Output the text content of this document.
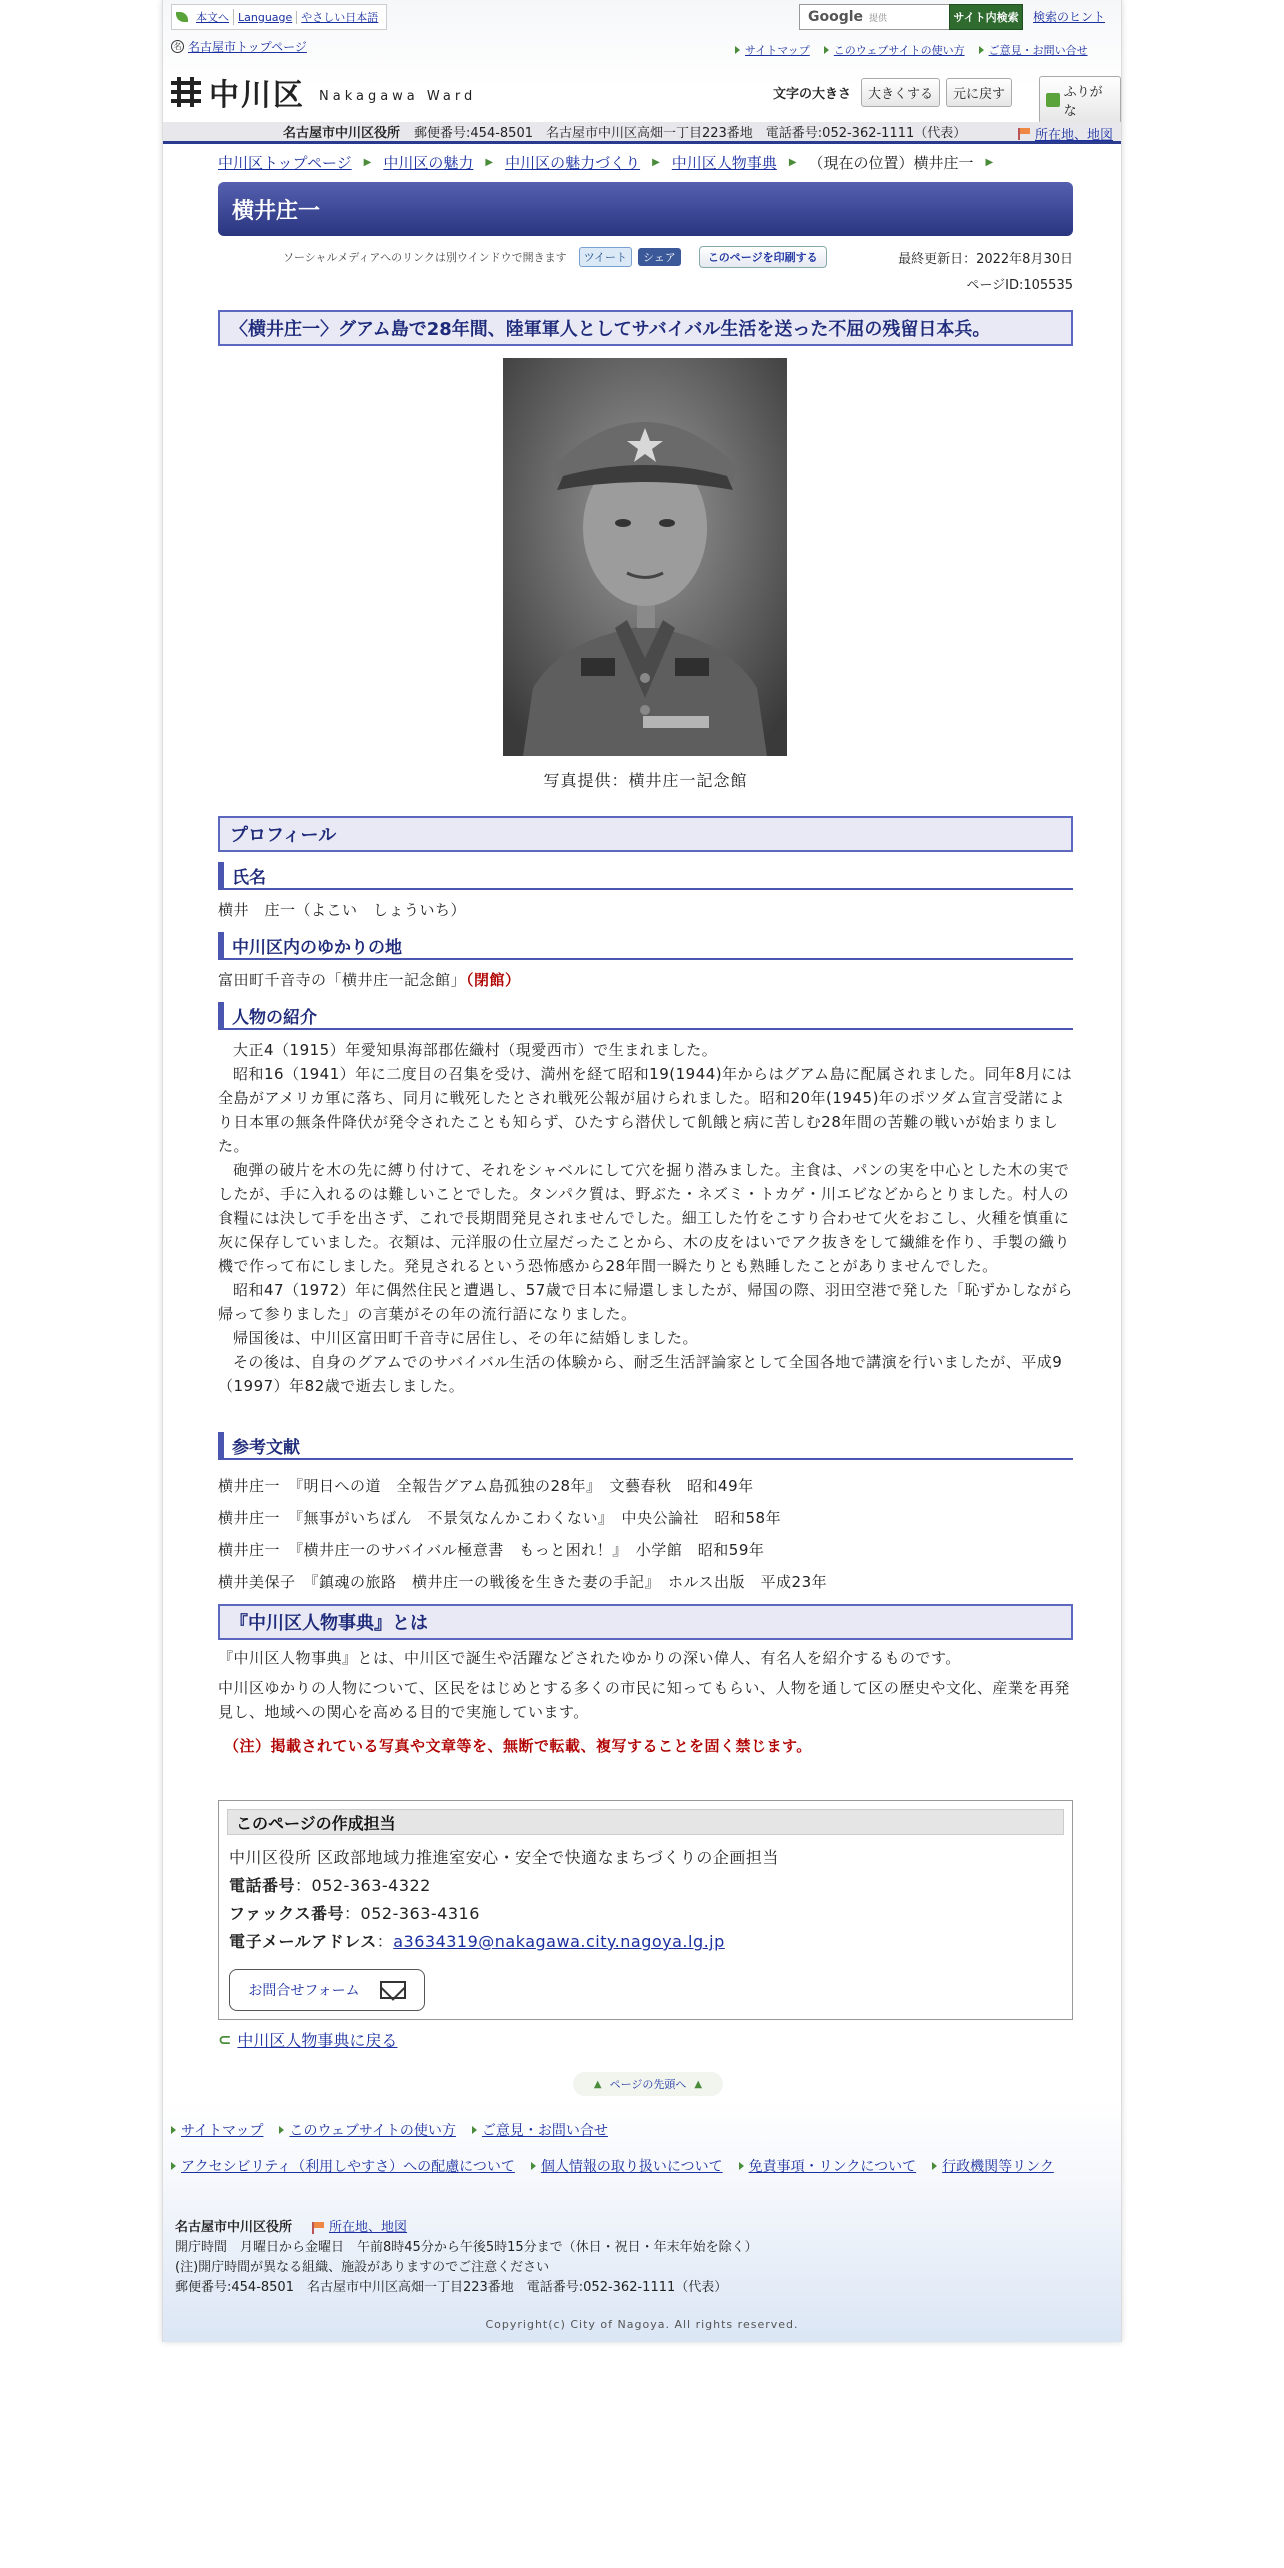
本文へ Language やさしい日本語
名 名古屋市トップページ
中川区 Nakagawa Ward
Google 提供	サイト内検索	検索のヒント
サイトマップ このウェブサイトの使い方 ご意見・お問い合せ
文字の大きさ	大きくする	元に戻す	ふりがな
名古屋市中川区役所 郵便番号:454-8501　名古屋市中川区高畑一丁目223番地　電話番号:052-362-1111（代表）	所在地、地図
中川区トップページ ▶ 中川区の魅力 ▶ 中川区の魅力づくり ▶ 中川区人物事典 ▶ （現在の位置）横井庄一 ▶
横井庄一
ソーシャルメディアへのリンクは別ウインドウで開きます	ツイート	シェア	このページを印刷する	最終更新日：2022年8月30日
ページID:105535
〈横井庄一〉グアム島で28年間、陸軍軍人としてサバイバル生活を送った不屈の残留日本兵。
写真提供：横井庄一記念館
プロフィール
氏名
横井　庄一（よこい　しょういち）
中川区内のゆかりの地
富田町千音寺の「横井庄一記念館」（閉館）
人物の紹介
大正4（1915）年愛知県海部郡佐織村（現愛西市）で生まれました。
昭和16（1941）年に二度目の召集を受け、満州を経て昭和19(1944)年からはグアム島に配属されました。同年8月には全島がアメリカ軍に落ち、同月に戦死したとされ戦死公報が届けられました。昭和20年(1945)年のポツダム宣言受諾により日本軍の無条件降伏が発令されたことも知らず、ひたすら潜伏して飢餓と病に苦しむ28年間の苦難の戦いが始まりました。
砲弾の破片を木の先に縛り付けて、それをシャベルにして穴を掘り潜みました。主食は、パンの実を中心とした木の実でしたが、手に入れるのは難しいことでした。タンパク質は、野ぶた・ネズミ・トカゲ・川エビなどからとりました。村人の食糧には決して手を出さず、これで長期間発見されませんでした。細工した竹をこすり合わせて火をおこし、火種を慎重に灰に保存していました。衣類は、元洋服の仕立屋だったことから、木の皮をはいでアク抜きをして繊維を作り、手製の織り機で作って布にしました。発見されるという恐怖感から28年間一瞬たりとも熟睡したことがありませんでした。
昭和47（1972）年に偶然住民と遭遇し、57歳で日本に帰還しましたが、帰国の際、羽田空港で発した「恥ずかしながら帰って参りました」の言葉がその年の流行語になりました。
帰国後は、中川区富田町千音寺に居住し、その年に結婚しました。
その後は、自身のグアムでのサバイバル生活の体験から、耐乏生活評論家として全国各地で講演を行いましたが、平成9（1997）年82歳で逝去しました。
参考文献
横井庄一　『明日への道　全報告グアム島孤独の28年』　文藝春秋　昭和49年
横井庄一　『無事がいちばん　不景気なんかこわくない』　中央公論社　昭和58年
横井庄一　『横井庄一のサバイバル極意書　もっと困れ！』　小学館　昭和59年
横井美保子　『鎮魂の旅路　横井庄一の戦後を生きた妻の手記』　ホルス出版　平成23年
『中川区人物事典』とは
『中川区人物事典』とは、中川区で誕生や活躍などされたゆかりの深い偉人、有名人を紹介するものです。
中川区ゆかりの人物について、区民をはじめとする多くの市民に知ってもらい、人物を通して区の歴史や文化、産業を再発見し、地域への関心を高める目的で実施しています。
（注）掲載されている写真や文章等を、無断で転載、複写することを固く禁じます。
このページの作成担当
中川区役所 区政部地域力推進室安心・安全で快適なまちづくりの企画担当
電話番号：052-363-4322
ファックス番号：052-363-4316
電子メールアドレス：a3634319@nakagawa.city.nagoya.lg.jp
お問合せフォーム
⊂ 中川区人物事典に戻る
▲ ページの先頭へ ▲
サイトマップ このウェブサイトの使い方 ご意見・お問い合せ
アクセシビリティ（利用しやすさ）への配慮について 個人情報の取り扱いについて 免責事項・リンクについて 行政機関等リンク
名古屋市中川区役所	所在地、地図
開庁時間　月曜日から金曜日　午前8時45分から午後5時15分まで（休日・祝日・年末年始を除く）
(注)開庁時間が異なる組織、施設がありますのでご注意ください
郵便番号:454-8501　名古屋市中川区高畑一丁目223番地　電話番号:052-362-1111（代表）
Copyright(c) City of Nagoya. All rights reserved.
